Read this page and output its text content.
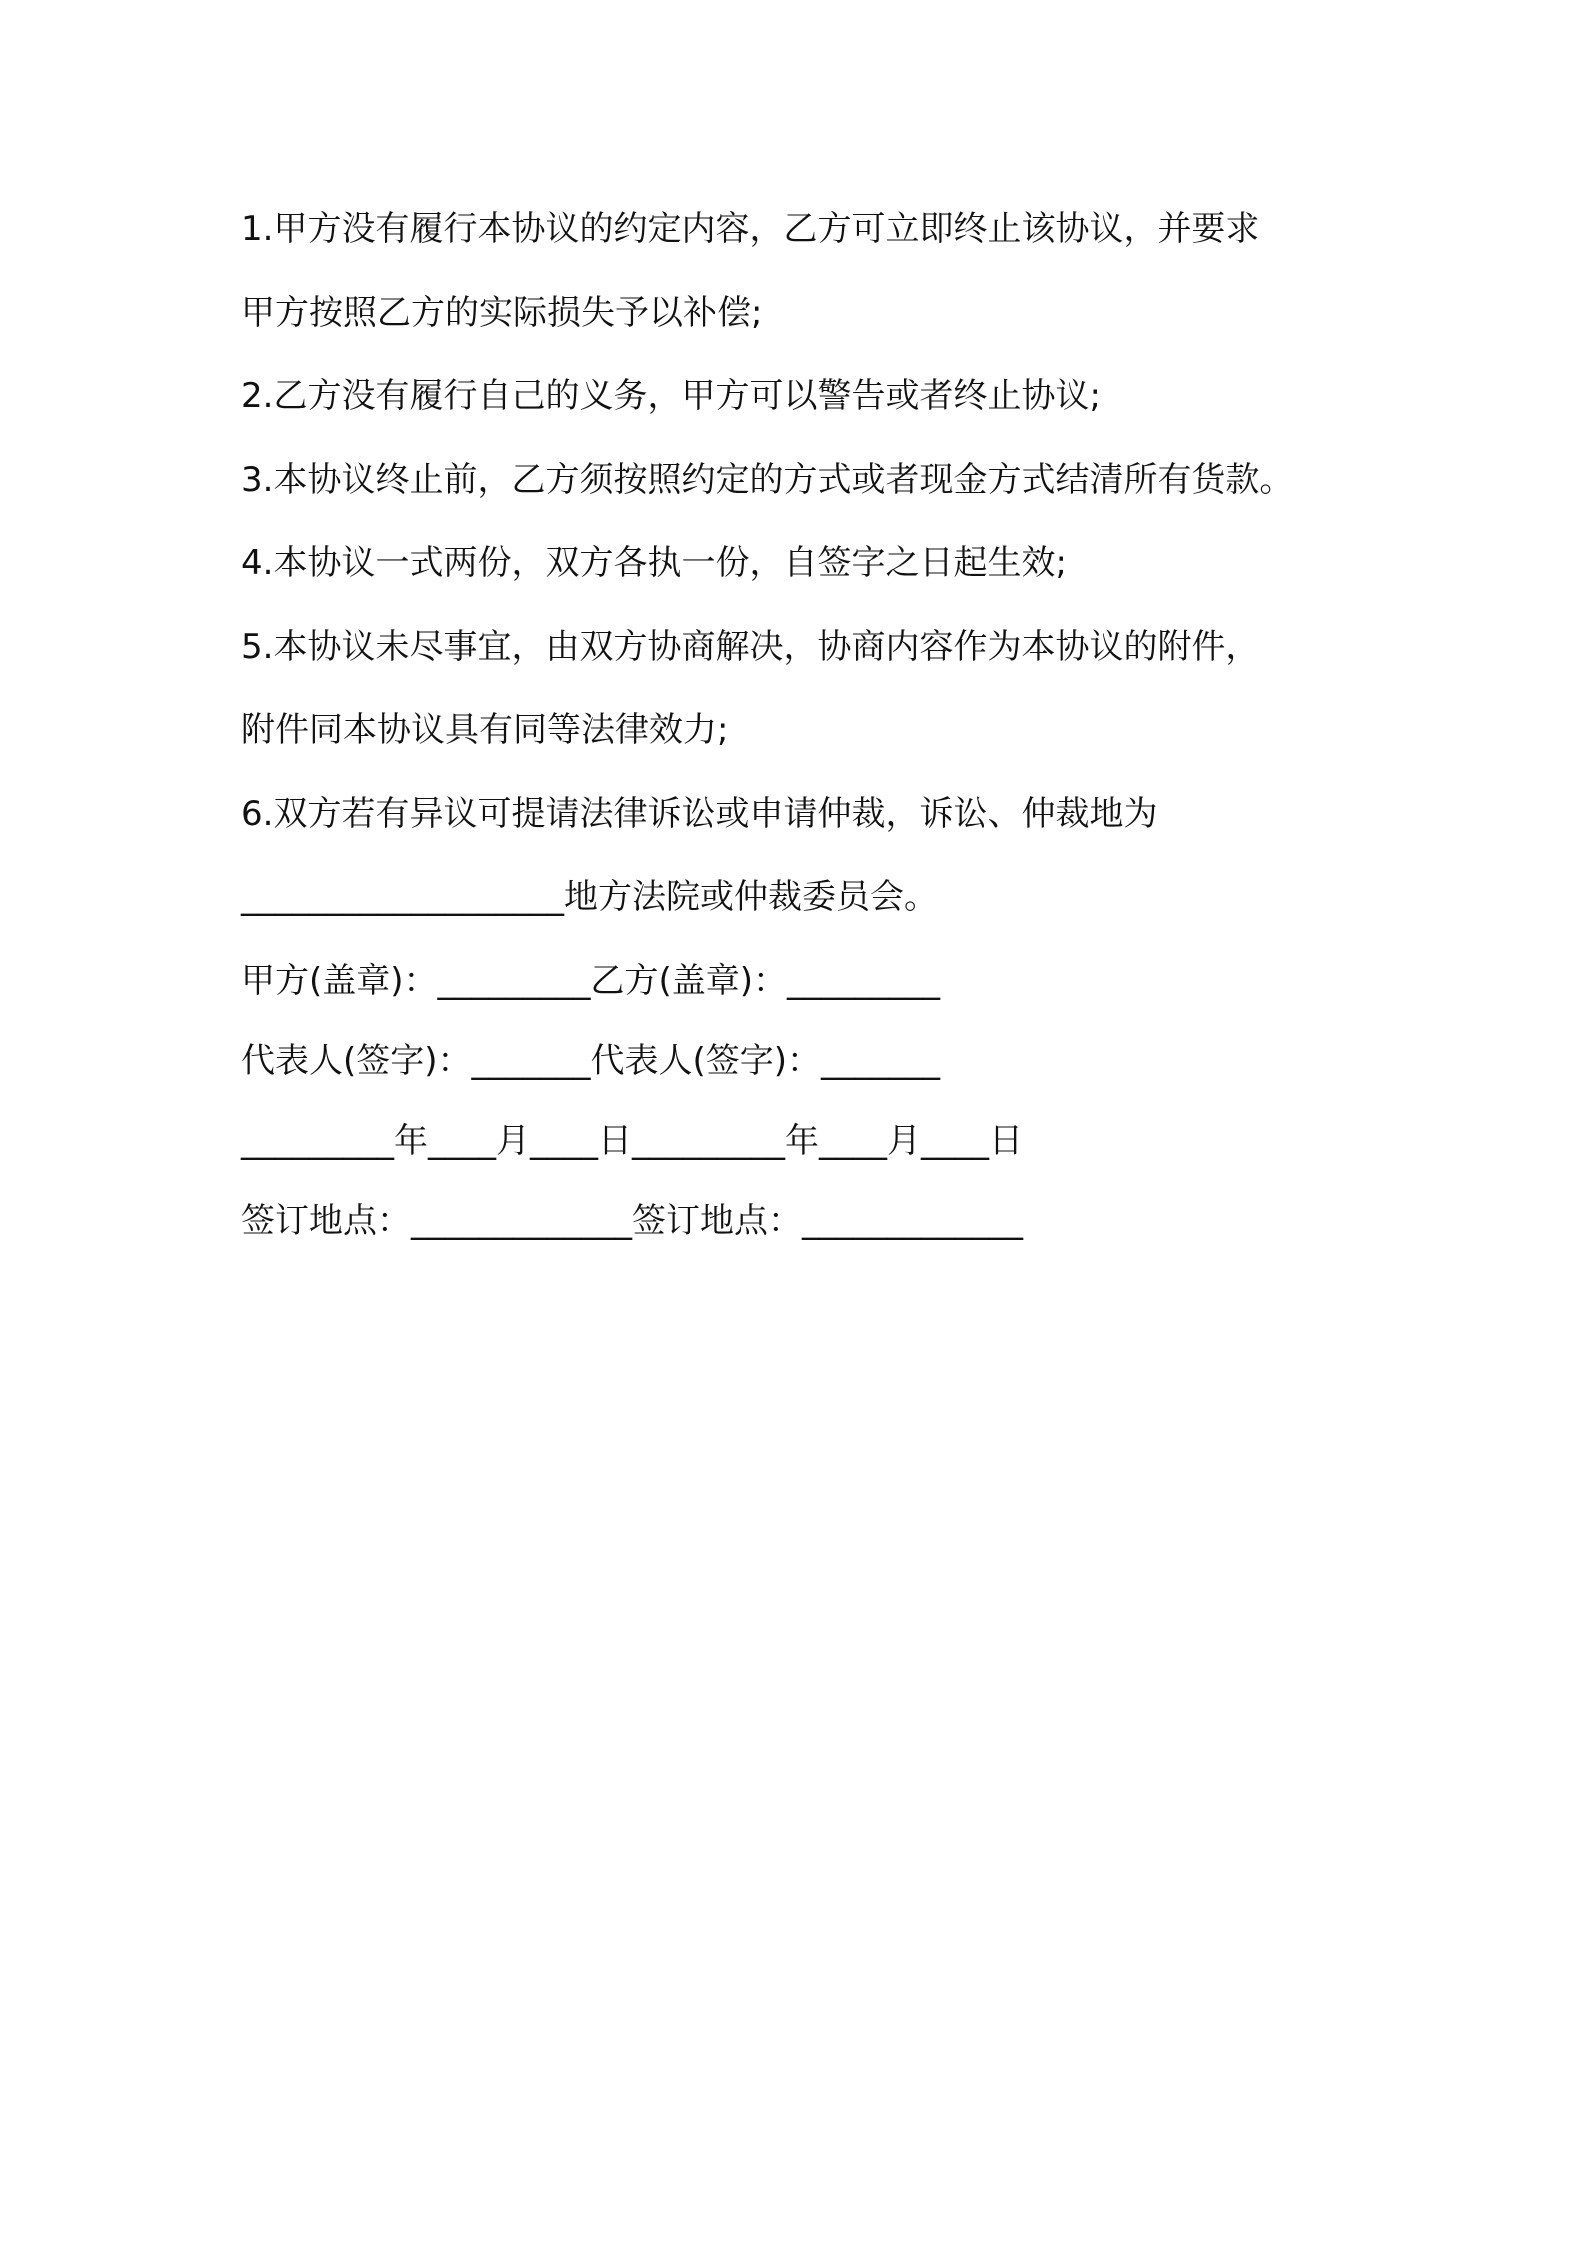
1.甲方没有履行本协议的约定内容，乙方可立即终止该协议，并要求
甲方按照乙方的实际损失予以补偿;
2.乙方没有履行自己的义务，甲方可以警告或者终止协议;
3.本协议终止前，乙方须按照约定的方式或者现金方式结清所有货款。
4.本协议一式两份，双方各执一份，自签字之日起生效;
5.本协议未尽事宜，由双方协商解决，协商内容作为本协议的附件，
附件同本协议具有同等法律效力;
6.双方若有异议可提请法律诉讼或申请仲裁，诉讼、仲裁地为
___________________地方法院或仲裁委员会。
甲方(盖章)：_________乙方(盖章)：_________
代表人(签字)：_______代表人(签字)：_______
_________年____月____日_________年____月____日
签订地点：_____________签订地点：_____________
